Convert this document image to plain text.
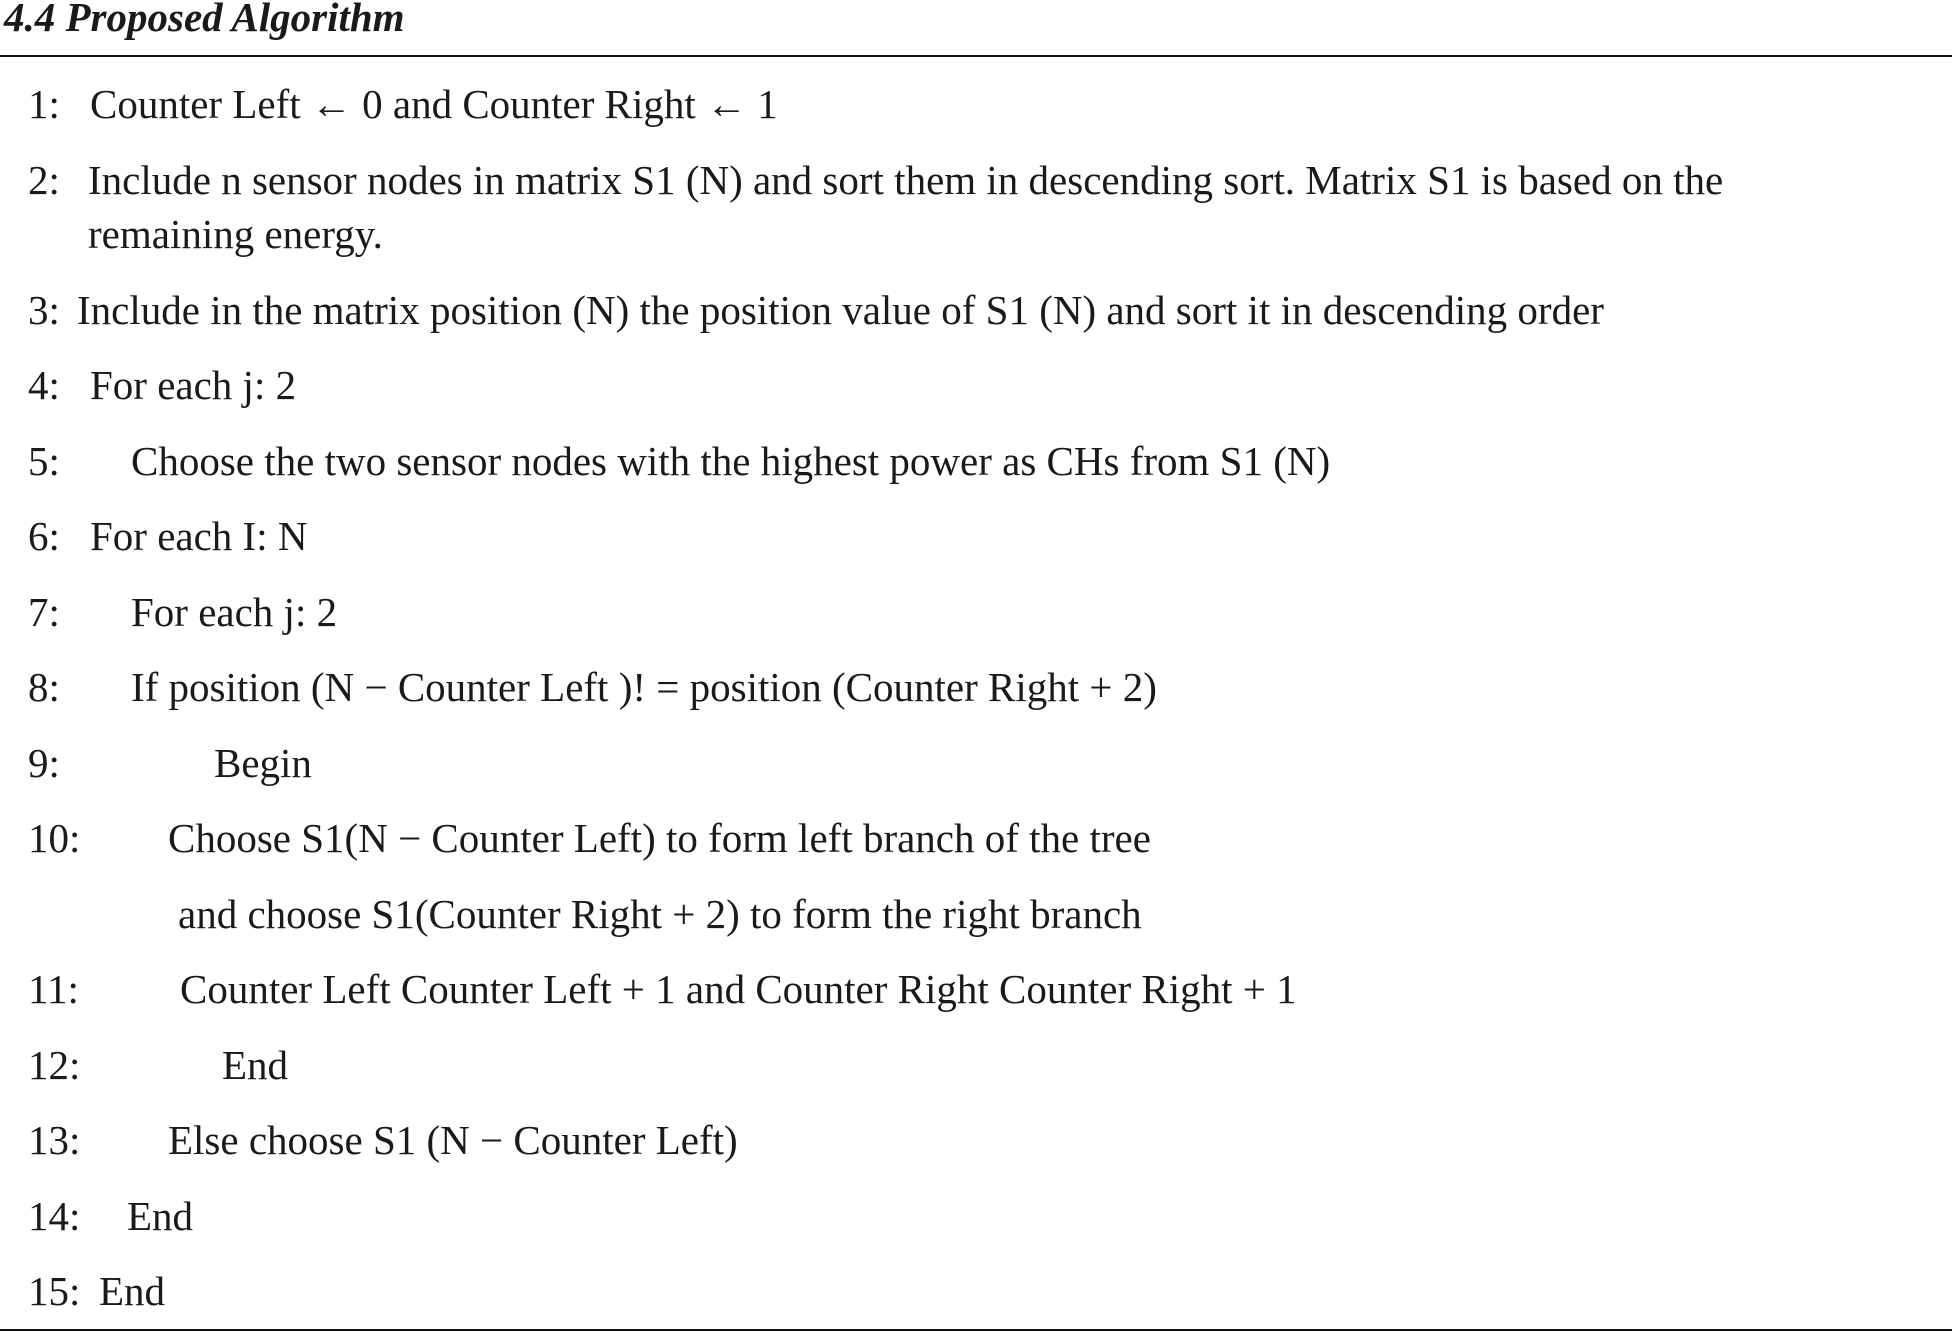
4.4 Proposed Algorithm
1: Counter Left ← 0 and Counter Right ← 1
2: Include n sensor nodes in matrix S1 (N) and sort them in descending sort. Matrix S1 is based on the
remaining energy.
3: Include in the matrix position (N) the position value of S1 (N) and sort it in descending order
4: For each j: 2
5: Choose the two sensor nodes with the highest power as CHs from S1 (N)
6: For each I: N
7: For each j: 2
8: If position (N − Counter Left )! = position (Counter Right + 2)
9:	Begin
10: Choose S1(N − Counter Left) to form left branch of the tree
and choose S1(Counter Right + 2) to form the right branch
11: Counter Left Counter Left + 1 and Counter Right Counter Right + 1
12:	End
13: Else choose S1 (N − Counter Left)
14: End
15: End
